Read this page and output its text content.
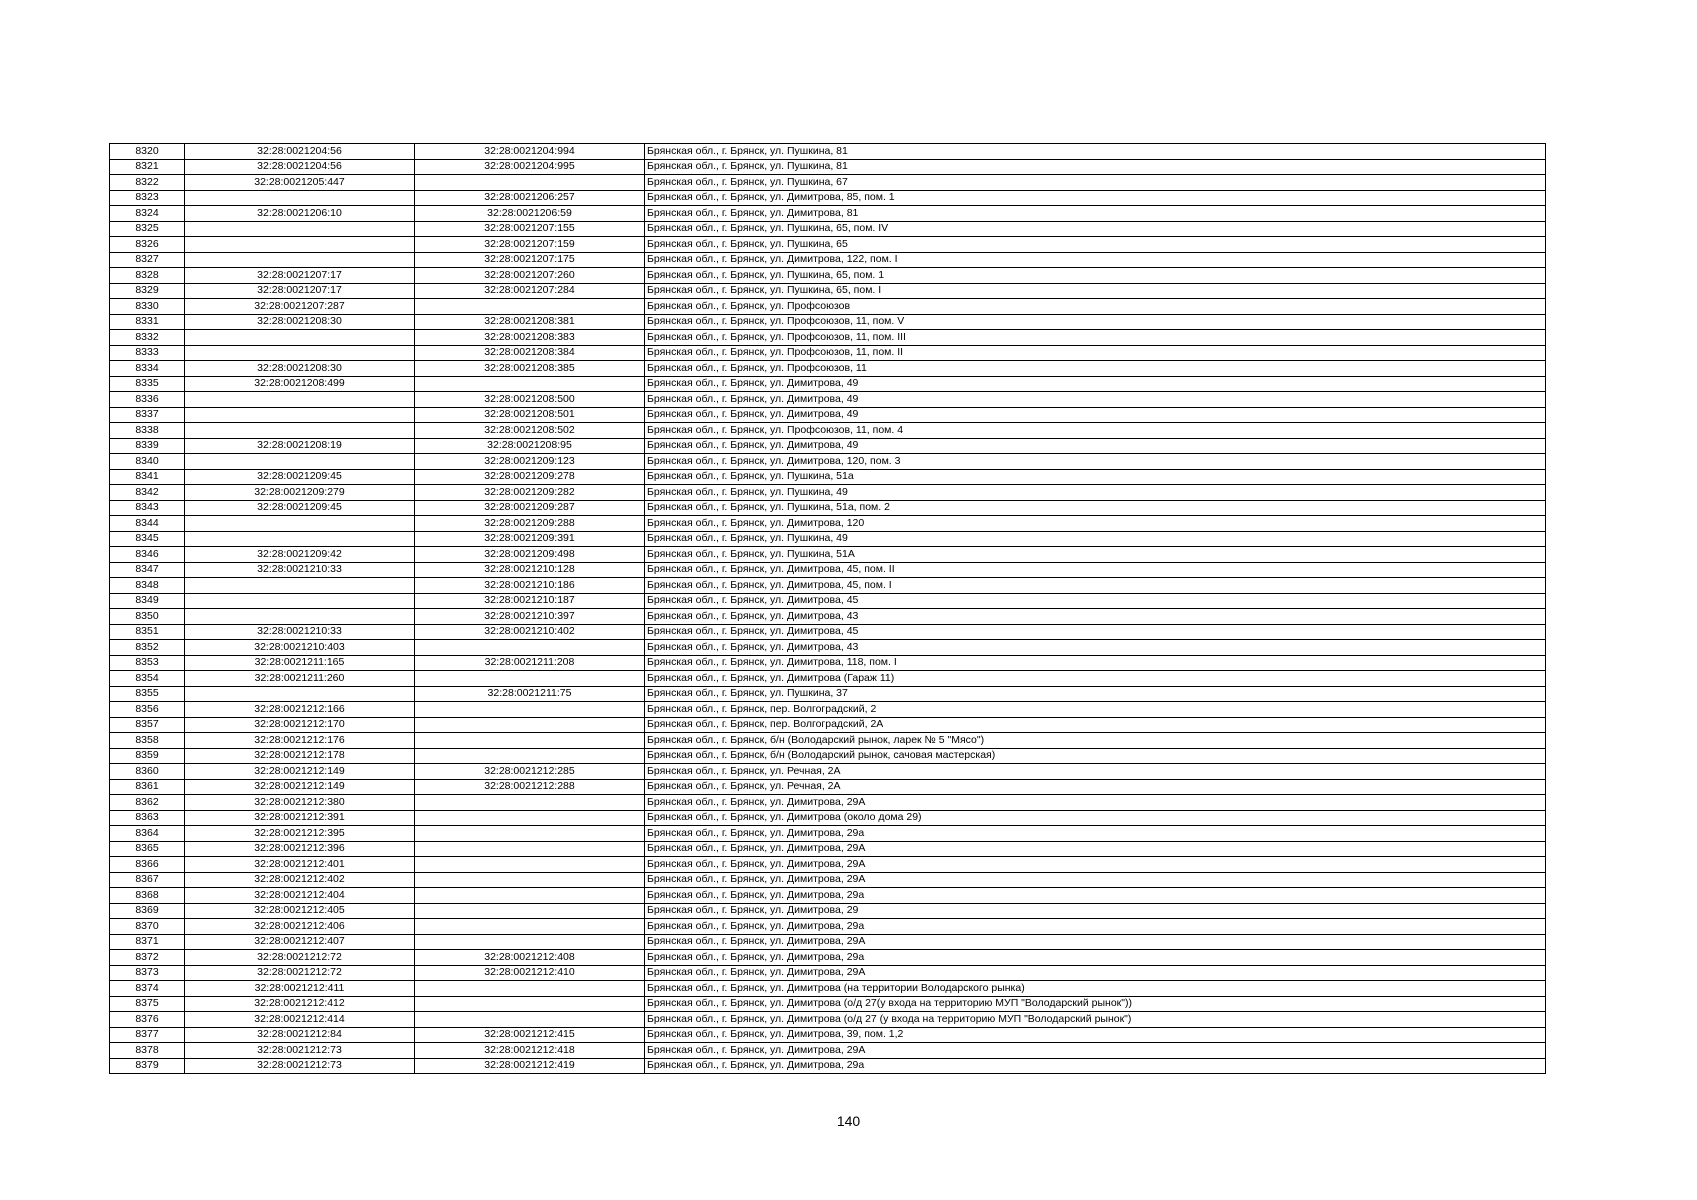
8320	32:28:0021204:56	32:28:0021204:994	Брянская обл., г. Брянск, ул. Пушкина, 81
8321	32:28:0021204:56	32:28:0021204:995	Брянская обл., г. Брянск, ул. Пушкина, 81
8322	32:28:0021205:447		Брянская обл., г. Брянск, ул. Пушкина, 67
8323		32:28:0021206:257	Брянская обл., г. Брянск, ул. Димитрова, 85, пом. 1
8324	32:28:0021206:10	32:28:0021206:59	Брянская обл., г. Брянск, ул. Димитрова, 81
8325		32:28:0021207:155	Брянская обл., г. Брянск, ул. Пушкина, 65, пом. IV
8326		32:28:0021207:159	Брянская обл., г. Брянск, ул. Пушкина, 65
8327		32:28:0021207:175	Брянская обл., г. Брянск, ул. Димитрова, 122, пом. I
8328	32:28:0021207:17	32:28:0021207:260	Брянская обл., г. Брянск, ул. Пушкина, 65, пом. 1
8329	32:28:0021207:17	32:28:0021207:284	Брянская обл., г. Брянск, ул. Пушкина, 65, пом. I
8330	32:28:0021207:287		Брянская обл., г. Брянск, ул. Профсоюзов
8331	32:28:0021208:30	32:28:0021208:381	Брянская обл., г. Брянск, ул. Профсоюзов, 11, пом. V
8332		32:28:0021208:383	Брянская обл., г. Брянск, ул. Профсоюзов, 11, пом. III
8333		32:28:0021208:384	Брянская обл., г. Брянск, ул. Профсоюзов, 11, пом. II
8334	32:28:0021208:30	32:28:0021208:385	Брянская обл., г. Брянск, ул. Профсоюзов, 11
8335	32:28:0021208:499		Брянская обл., г. Брянск, ул. Димитрова, 49
8336		32:28:0021208:500	Брянская обл., г. Брянск, ул. Димитрова, 49
8337		32:28:0021208:501	Брянская обл., г. Брянск, ул. Димитрова, 49
8338		32:28:0021208:502	Брянская обл., г. Брянск, ул. Профсоюзов, 11, пом. 4
8339	32:28:0021208:19	32:28:0021208:95	Брянская обл., г. Брянск, ул. Димитрова, 49
8340		32:28:0021209:123	Брянская обл., г. Брянск, ул. Димитрова, 120, пом. 3
8341	32:28:0021209:45	32:28:0021209:278	Брянская обл., г. Брянск, ул. Пушкина, 51а
8342	32:28:0021209:279	32:28:0021209:282	Брянская обл., г. Брянск, ул. Пушкина, 49
8343	32:28:0021209:45	32:28:0021209:287	Брянская обл., г. Брянск, ул. Пушкина, 51а, пом. 2
8344		32:28:0021209:288	Брянская обл., г. Брянск, ул. Димитрова, 120
8345		32:28:0021209:391	Брянская обл., г. Брянск, ул. Пушкина, 49
8346	32:28:0021209:42	32:28:0021209:498	Брянская обл., г. Брянск, ул. Пушкина, 51А
8347	32:28:0021210:33	32:28:0021210:128	Брянская обл., г. Брянск, ул. Димитрова, 45, пом. II
8348		32:28:0021210:186	Брянская обл., г. Брянск, ул. Димитрова, 45, пом. I
8349		32:28:0021210:187	Брянская обл., г. Брянск, ул. Димитрова, 45
8350		32:28:0021210:397	Брянская обл., г. Брянск, ул. Димитрова, 43
8351	32:28:0021210:33	32:28:0021210:402	Брянская обл., г. Брянск, ул. Димитрова, 45
8352	32:28:0021210:403		Брянская обл., г. Брянск, ул. Димитрова, 43
8353	32:28:0021211:165	32:28:0021211:208	Брянская обл., г. Брянск, ул. Димитрова, 118, пом. I
8354	32:28:0021211:260		Брянская обл., г. Брянск, ул. Димитрова (Гараж 11)
8355		32:28:0021211:75	Брянская обл., г. Брянск, ул. Пушкина, 37
8356	32:28:0021212:166		Брянская обл., г. Брянск, пер. Волгоградский, 2
8357	32:28:0021212:170		Брянская обл., г. Брянск, пер. Волгоградский, 2А
8358	32:28:0021212:176		Брянская обл., г. Брянск, б/н (Володарский рынок, ларек № 5 "Мясо")
8359	32:28:0021212:178		Брянская обл., г. Брянск, б/н (Володарский рынок, сачовая мастерская)
8360	32:28:0021212:149	32:28:0021212:285	Брянская обл., г. Брянск, ул. Речная, 2А
8361	32:28:0021212:149	32:28:0021212:288	Брянская обл., г. Брянск, ул. Речная, 2А
8362	32:28:0021212:380		Брянская обл., г. Брянск, ул. Димитрова, 29А
8363	32:28:0021212:391		Брянская обл., г. Брянск, ул. Димитрова (около дома 29)
8364	32:28:0021212:395		Брянская обл., г. Брянск, ул. Димитрова, 29а
8365	32:28:0021212:396		Брянская обл., г. Брянск, ул. Димитрова, 29А
8366	32:28:0021212:401		Брянская обл., г. Брянск, ул. Димитрова, 29А
8367	32:28:0021212:402		Брянская обл., г. Брянск, ул. Димитрова, 29А
8368	32:28:0021212:404		Брянская обл., г. Брянск, ул. Димитрова, 29а
8369	32:28:0021212:405		Брянская обл., г. Брянск, ул. Димитрова, 29
8370	32:28:0021212:406		Брянская обл., г. Брянск, ул. Димитрова, 29а
8371	32:28:0021212:407		Брянская обл., г. Брянск, ул. Димитрова, 29А
8372	32:28:0021212:72	32:28:0021212:408	Брянская обл., г. Брянск, ул. Димитрова, 29а
8373	32:28:0021212:72	32:28:0021212:410	Брянская обл., г. Брянск, ул. Димитрова, 29А
8374	32:28:0021212:411		Брянская обл., г. Брянск, ул. Димитрова (на территории Володарского рынка)
8375	32:28:0021212:412		Брянская обл., г. Брянск, ул. Димитрова (о/д 27(у входа на территорию МУП "Володарский рынок"))
8376	32:28:0021212:414		Брянская обл., г. Брянск, ул. Димитрова (о/д 27 (у входа на территорию МУП "Володарский рынок")
8377	32:28:0021212:84	32:28:0021212:415	Брянская обл., г. Брянск, ул. Димитрова, 39, пом. 1,2
8378	32:28:0021212:73	32:28:0021212:418	Брянская обл., г. Брянск, ул. Димитрова, 29А
8379	32:28:0021212:73	32:28:0021212:419	Брянская обл., г. Брянск, ул. Димитрова, 29а
140
